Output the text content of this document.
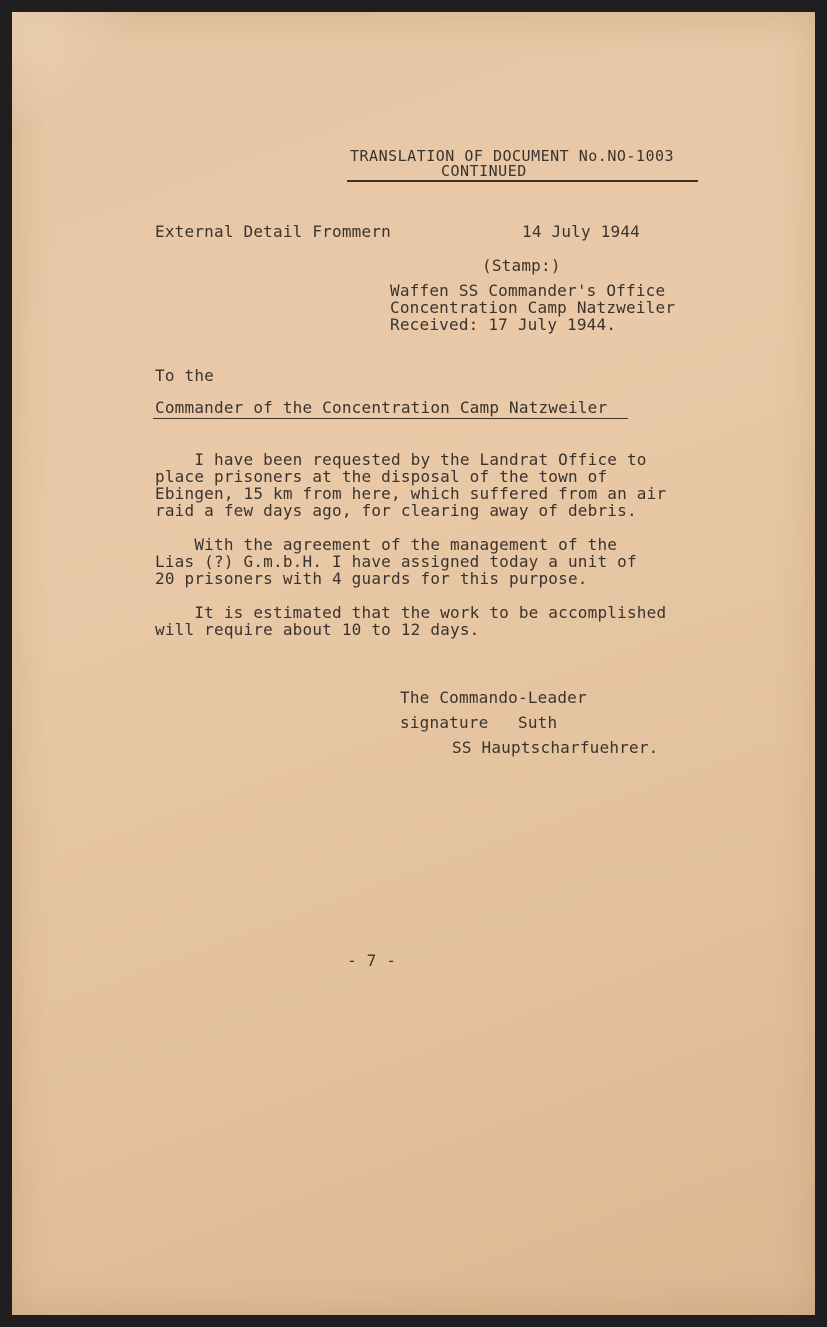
TRANSLATION OF DOCUMENT No.NO-1003
CONTINUED
External Detail Frommern	14 July 1944
(Stamp:)
Waffen SS Commander's Office
Concentration Camp Natzweiler
Received: 17 July 1944.
To the
Commander of the Concentration Camp Natzweiler
I have been requested by the Landrat Office to
place prisoners at the disposal of the town of
Ebingen, 15 km from here, which suffered from an air
raid a few days ago, for clearing away of debris.
With the agreement of the management of the
Lias (?) G.m.b.H. I have assigned today a unit of
20 prisoners with 4 guards for this purpose.
It is estimated that the work to be accomplished
will require about 10 to 12 days.
The Commando-Leader
signature   Suth
SS Hauptscharfuehrer.
- 7 -
